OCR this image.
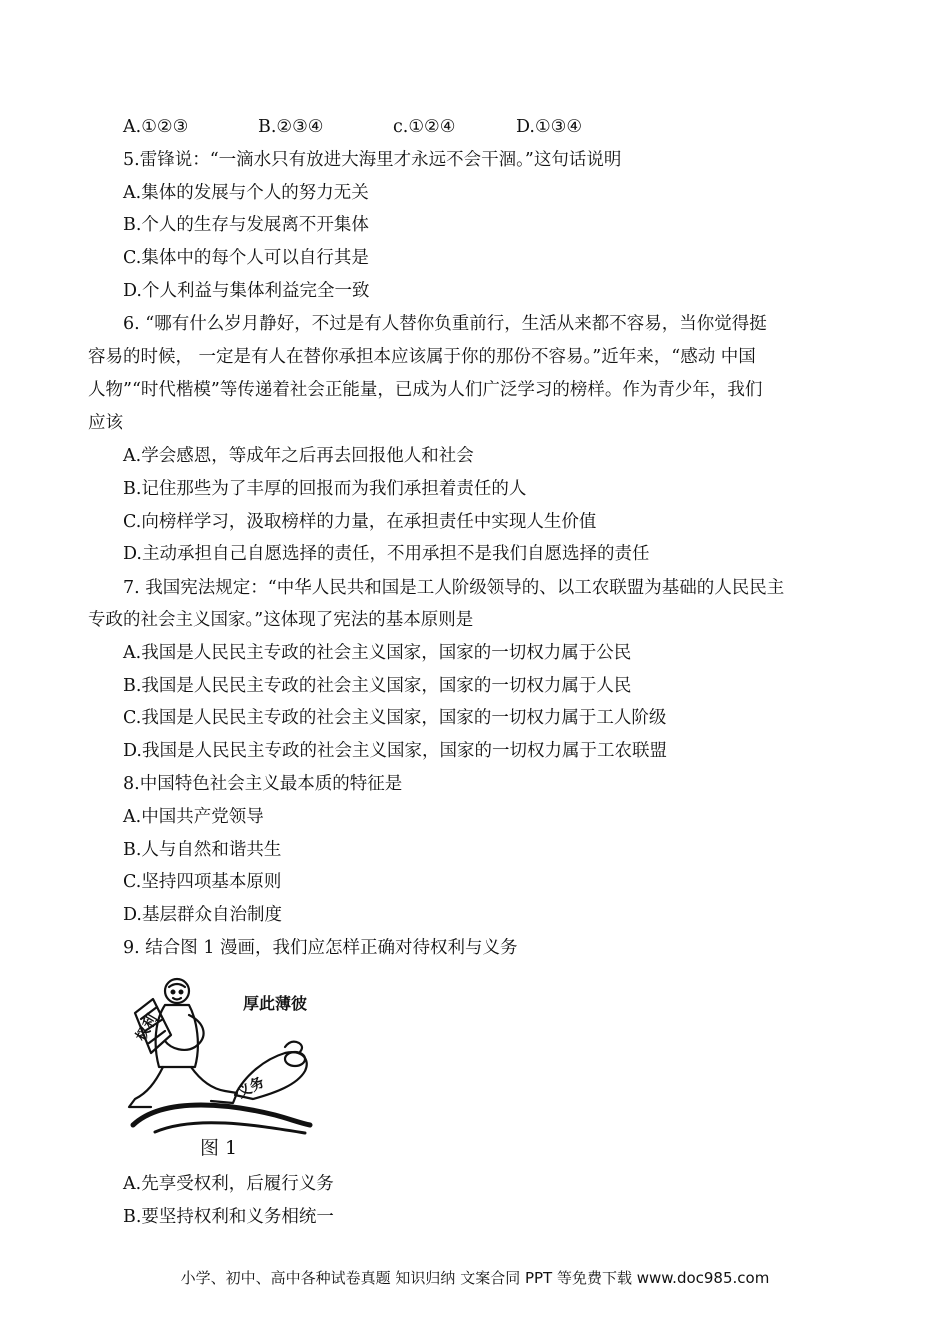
A.①②③	B.②③④	c.①②④	D.①③④
5.雷锋说：“一滴水只有放进大海里才永远不会干涸。”这句话说明
A.集体的发展与个人的努力无关
B.个人的生存与发展离不开集体
C.集体中的每个人可以自行其是
D.个人利益与集体利益完全一致
6. “哪有什么岁月静好，不过是有人替你负重前行，生活从来都不容易，当你觉得挺
容易的时候， 一定是有人在替你承担本应该属于你的那份不容易。”近年来，“感动 中国
人物”“时代楷模”等传递着社会正能量，已成为人们广泛学习的榜样。作为青少年，我们
应该
A.学会感恩，等成年之后再去回报他人和社会
B.记住那些为了丰厚的回报而为我们承担着责任的人
C.向榜样学习，汲取榜样的力量，在承担责任中实现人生价值
D.主动承担自己自愿选择的责任，不用承担不是我们自愿选择的责任
7. 我国宪法规定：“中华人民共和国是工人阶级领导的、以工农联盟为基础的人民民主
专政的社会主义国家。”这体现了宪法的基本原则是
A.我国是人民民主专政的社会主义国家，国家的一切权力属于公民
B.我国是人民民主专政的社会主义国家，国家的一切权力属于人民
C.我国是人民民主专政的社会主义国家，国家的一切权力属于工人阶级
D.我国是人民民主专政的社会主义国家，国家的一切权力属于工农联盟
8.中国特色社会主义最本质的特征是
A.中国共产党领导
B.人与自然和谐共生
C.坚持四项基本原则
D.基层群众自治制度
9. 结合图 1 漫画，我们应怎样正确对待权利与义务
厚此薄彼
权利
义务
图 1
A.先享受权利，后履行义务
B.要坚持权利和义务相统一
小学、初中、高中各种试卷真题 知识归纳 文案合同 PPT 等免费下载 www.doc985.com
